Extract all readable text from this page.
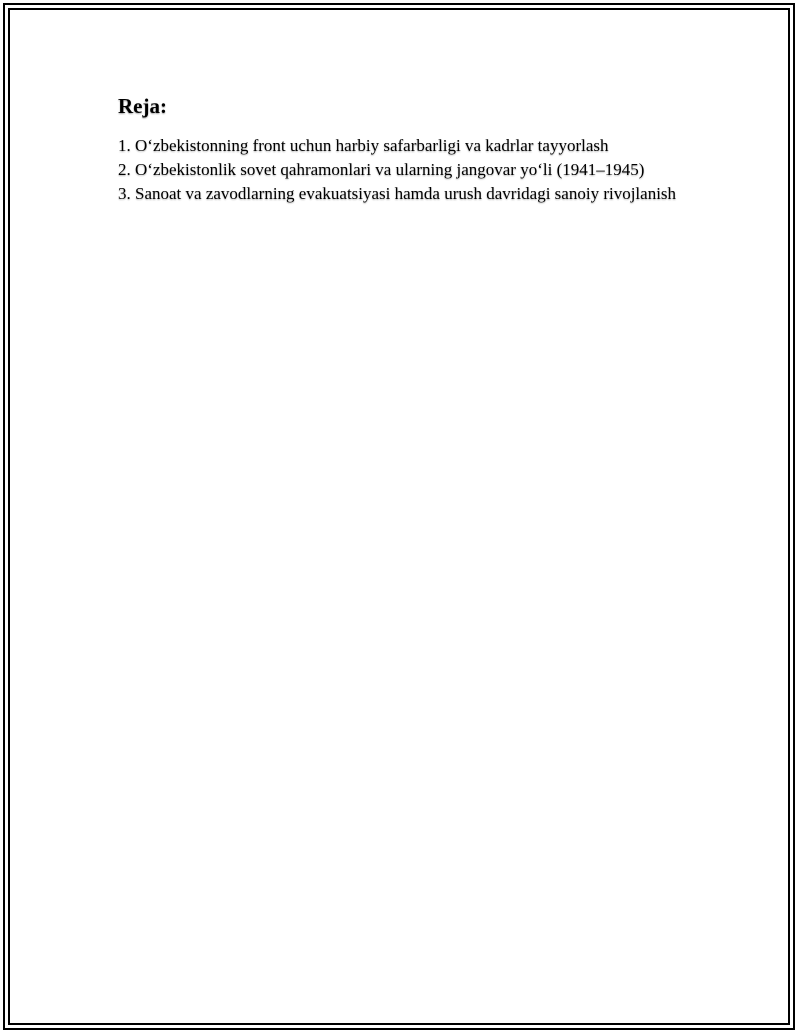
Reja:
1. O‘zbekistonning front uchun harbiy safarbarligi va kadrlar tayyorlash
2. O‘zbekistonlik sovet qahramonlari va ularning jangovar yo‘li (1941–1945)
3. Sanoat va zavodlarning evakuatsiyasi hamda urush davridagi sanoiy rivojlanish
